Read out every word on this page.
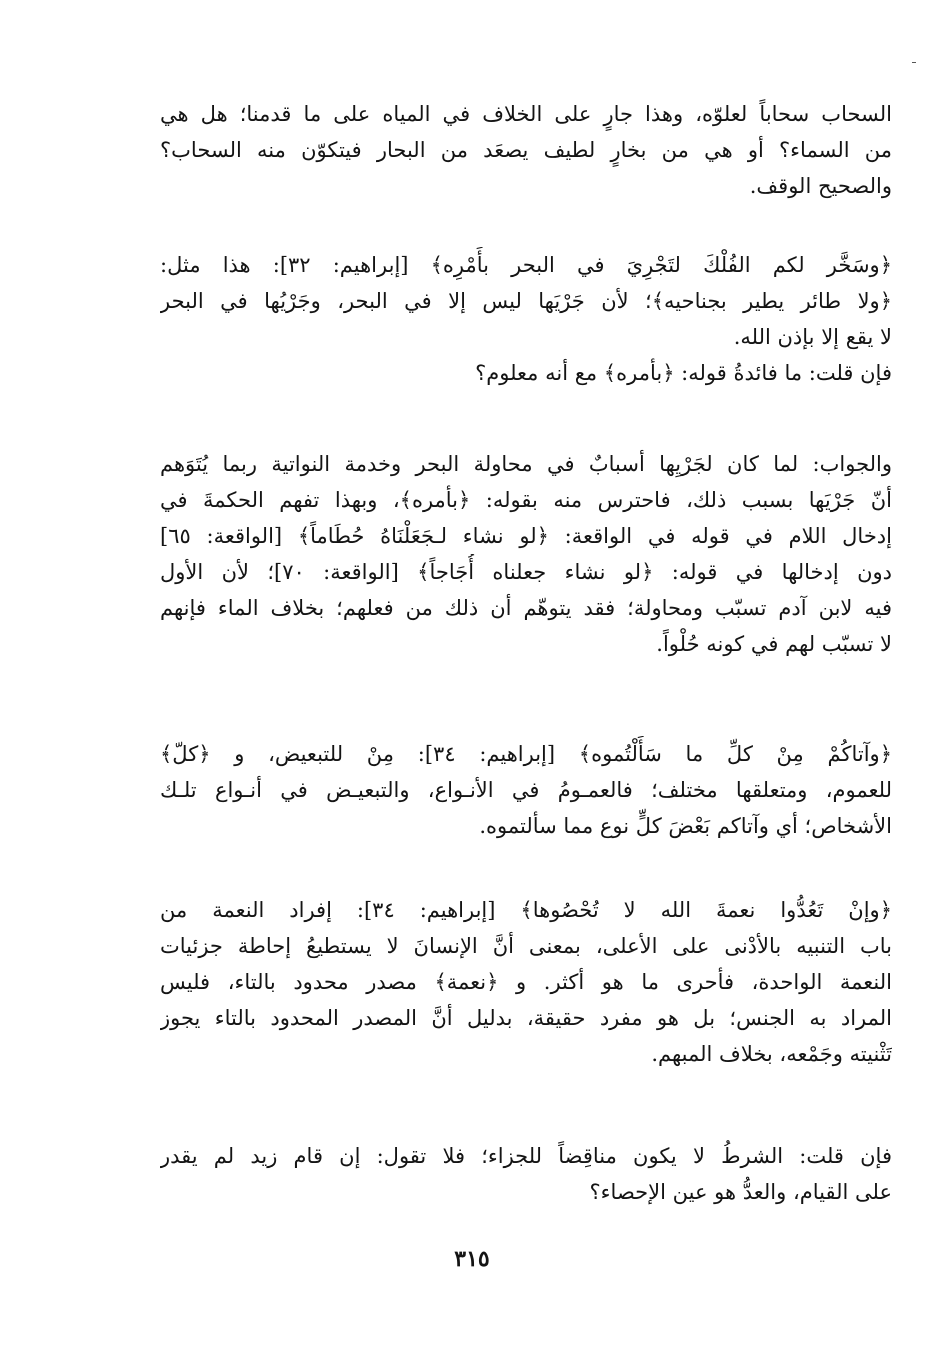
السحاب سحاباً لعلوّه، وهذا جارٍ على الخلاف في المياه على ما قدمنا؛ هل هي
من السماء؟ أو هي من بخارٍ لطيف يصعَد من البحار فيتكوّن منه السحاب؟
والصحيح الوقف.
﴿وسَخَّر لكم الفُلْكَ لتَجْرِيَ في البحر بأَمْرِه﴾ [إبراهيم: ٣٢]: هذا مثل:
﴿ولا طائر يطير بجناحيه﴾؛ لأن جَرْيَها ليس إلا في البحر، وجَرْيُها في البحر
لا يقع إلا بإذن الله.
فإن قلت: ما فائدةُ قوله: ﴿بأمره﴾ مع أنه معلوم؟
والجواب: لما كان لجَرْيِها أسبابٌ في محاولة البحر وخدمة النواتية ربما يُتَوَهم
أنّ جَرْيَها بسبب ذلك، فاحترس منه بقوله: ﴿بأمره﴾، وبهذا تفهم الحكمةَ في
إدخال اللام في قوله في الواقعة: ﴿لو نشاء لـجَعَلْنَاهُ حُطَاماً﴾ [الواقعة: ٦٥]
دون إدخالها في قوله: ﴿لو نشاء جعلناه أُجَاجاً﴾ [الواقعة: ٧٠]؛ لأن الأول
فيه لابن آدم تسبّب ومحاولة؛ فقد يتوهّم أن ذلك من فعلهم؛ بخلاف الماء فإنهم
لا تسبّب لهم في كونه حُلْواً.
﴿وآتاكُمْ مِنْ كلِّ ما سَأَلْتُموه﴾ [إبراهيم: ٣٤]: مِنْ للتبعيض، و ﴿كلّ﴾
للعموم، ومتعلقها مختلف؛ فالعمـومُ في الأنـواع، والتبعيـض في أنـواع تلـك
الأشخاص؛ أي وآتاكم بَعْضَ كلٍّ نوع مما سألتموه.
﴿وإنْ تَعُدُّوا نعمةَ الله لا تُحْصُوها﴾ [إبراهيم: ٣٤]: إفراد النعمة من
باب التنبيه بالأدْنى على الأعلى، بمعنى أنَّ الإنسانَ لا يستطيعُ إحاطة جزئيات
النعمة الواحدة، فأحرى ما هو أكثر. و ﴿نعمة﴾ مصدر محدود بالتاء، فليس
المراد به الجنس؛ بل هو مفرد حقيقة، بدليل أنَّ المصدر المحدود بالتاء يجوز
تَثْنيته وجَمْعه، بخلاف المبهم.
فإن قلت: الشرطُ لا يكون مناقِضاً للجزاء؛ فلا تقول: إن قام زيد لم يقدر
على القيام، والعدُّ هو عين الإحصاء؟
٣١٥
